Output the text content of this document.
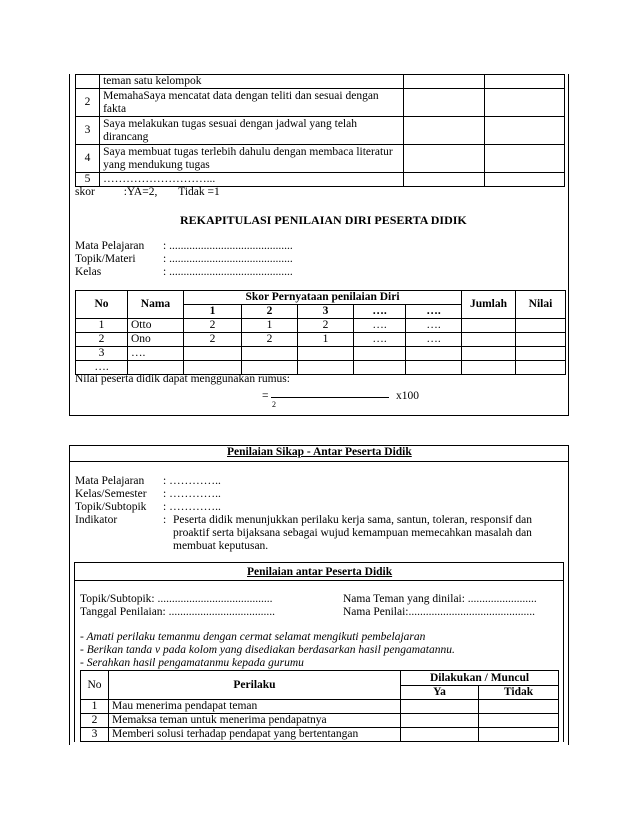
	teman satu kelompok		
2	MemahaSaya mencatat data dengan teliti dan sesuai dengan fakta		
3	Saya melakukan tugas sesuai dengan jadwal yang telah dirancang		
4	Saya membuat tugas terlebih dahulu dengan membaca literatur yang mendukung tugas		
5	………………………...		
skor	:YA=2, Tidak =1
REKAPITULASI PENILAIAN DIRI PESERTA DIDIK
Mata Pelajaran : ...........................................
Topik/Materi : ...........................................
Kelas	: ...........................................
No	Nama	Skor Pernyataan penilaian Diri					Jumlah	Nilai
		1	2	3	….	….		
1	Otto	2	1	2	….	….		
2	Ono	2	2	1	….	….		
3	….							
….								
Nilai peserta didik dapat menggunakan rumus:
=
2
x100
Penilaian Sikap - Antar Peserta Didik
Mata Pelajaran : …………..
Kelas/Semester : …………..
Topik/Subtopik : …………..
Indikator	: Peserta didik menunjukkan perilaku kerja sama, santun, toleran, responsif dan
proaktif serta bijaksana sebagai wujud kemampuan memecahkan masalah dan
membuat keputusan.
Penilaian antar Peserta Didik
Topik/Subtopik: ........................................
Tanggal Penilaian: .....................................
Nama Teman yang dinilai: ........................
Nama Penilai:............................................
- Amati perilaku temanmu dengan cermat selamat mengikuti pembelajaran
- Berikan tanda v pada kolom yang disediakan berdasarkan hasil pengamatannu.
- Serahkan hasil pengamatanmu kepada gurumu
No	Perilaku	Dilakukan / Muncul	
		Ya	Tidak
1	Mau menerima pendapat teman		
2	Memaksa teman untuk menerima pendapatnya		
3	Memberi solusi terhadap pendapat yang bertentangan		
